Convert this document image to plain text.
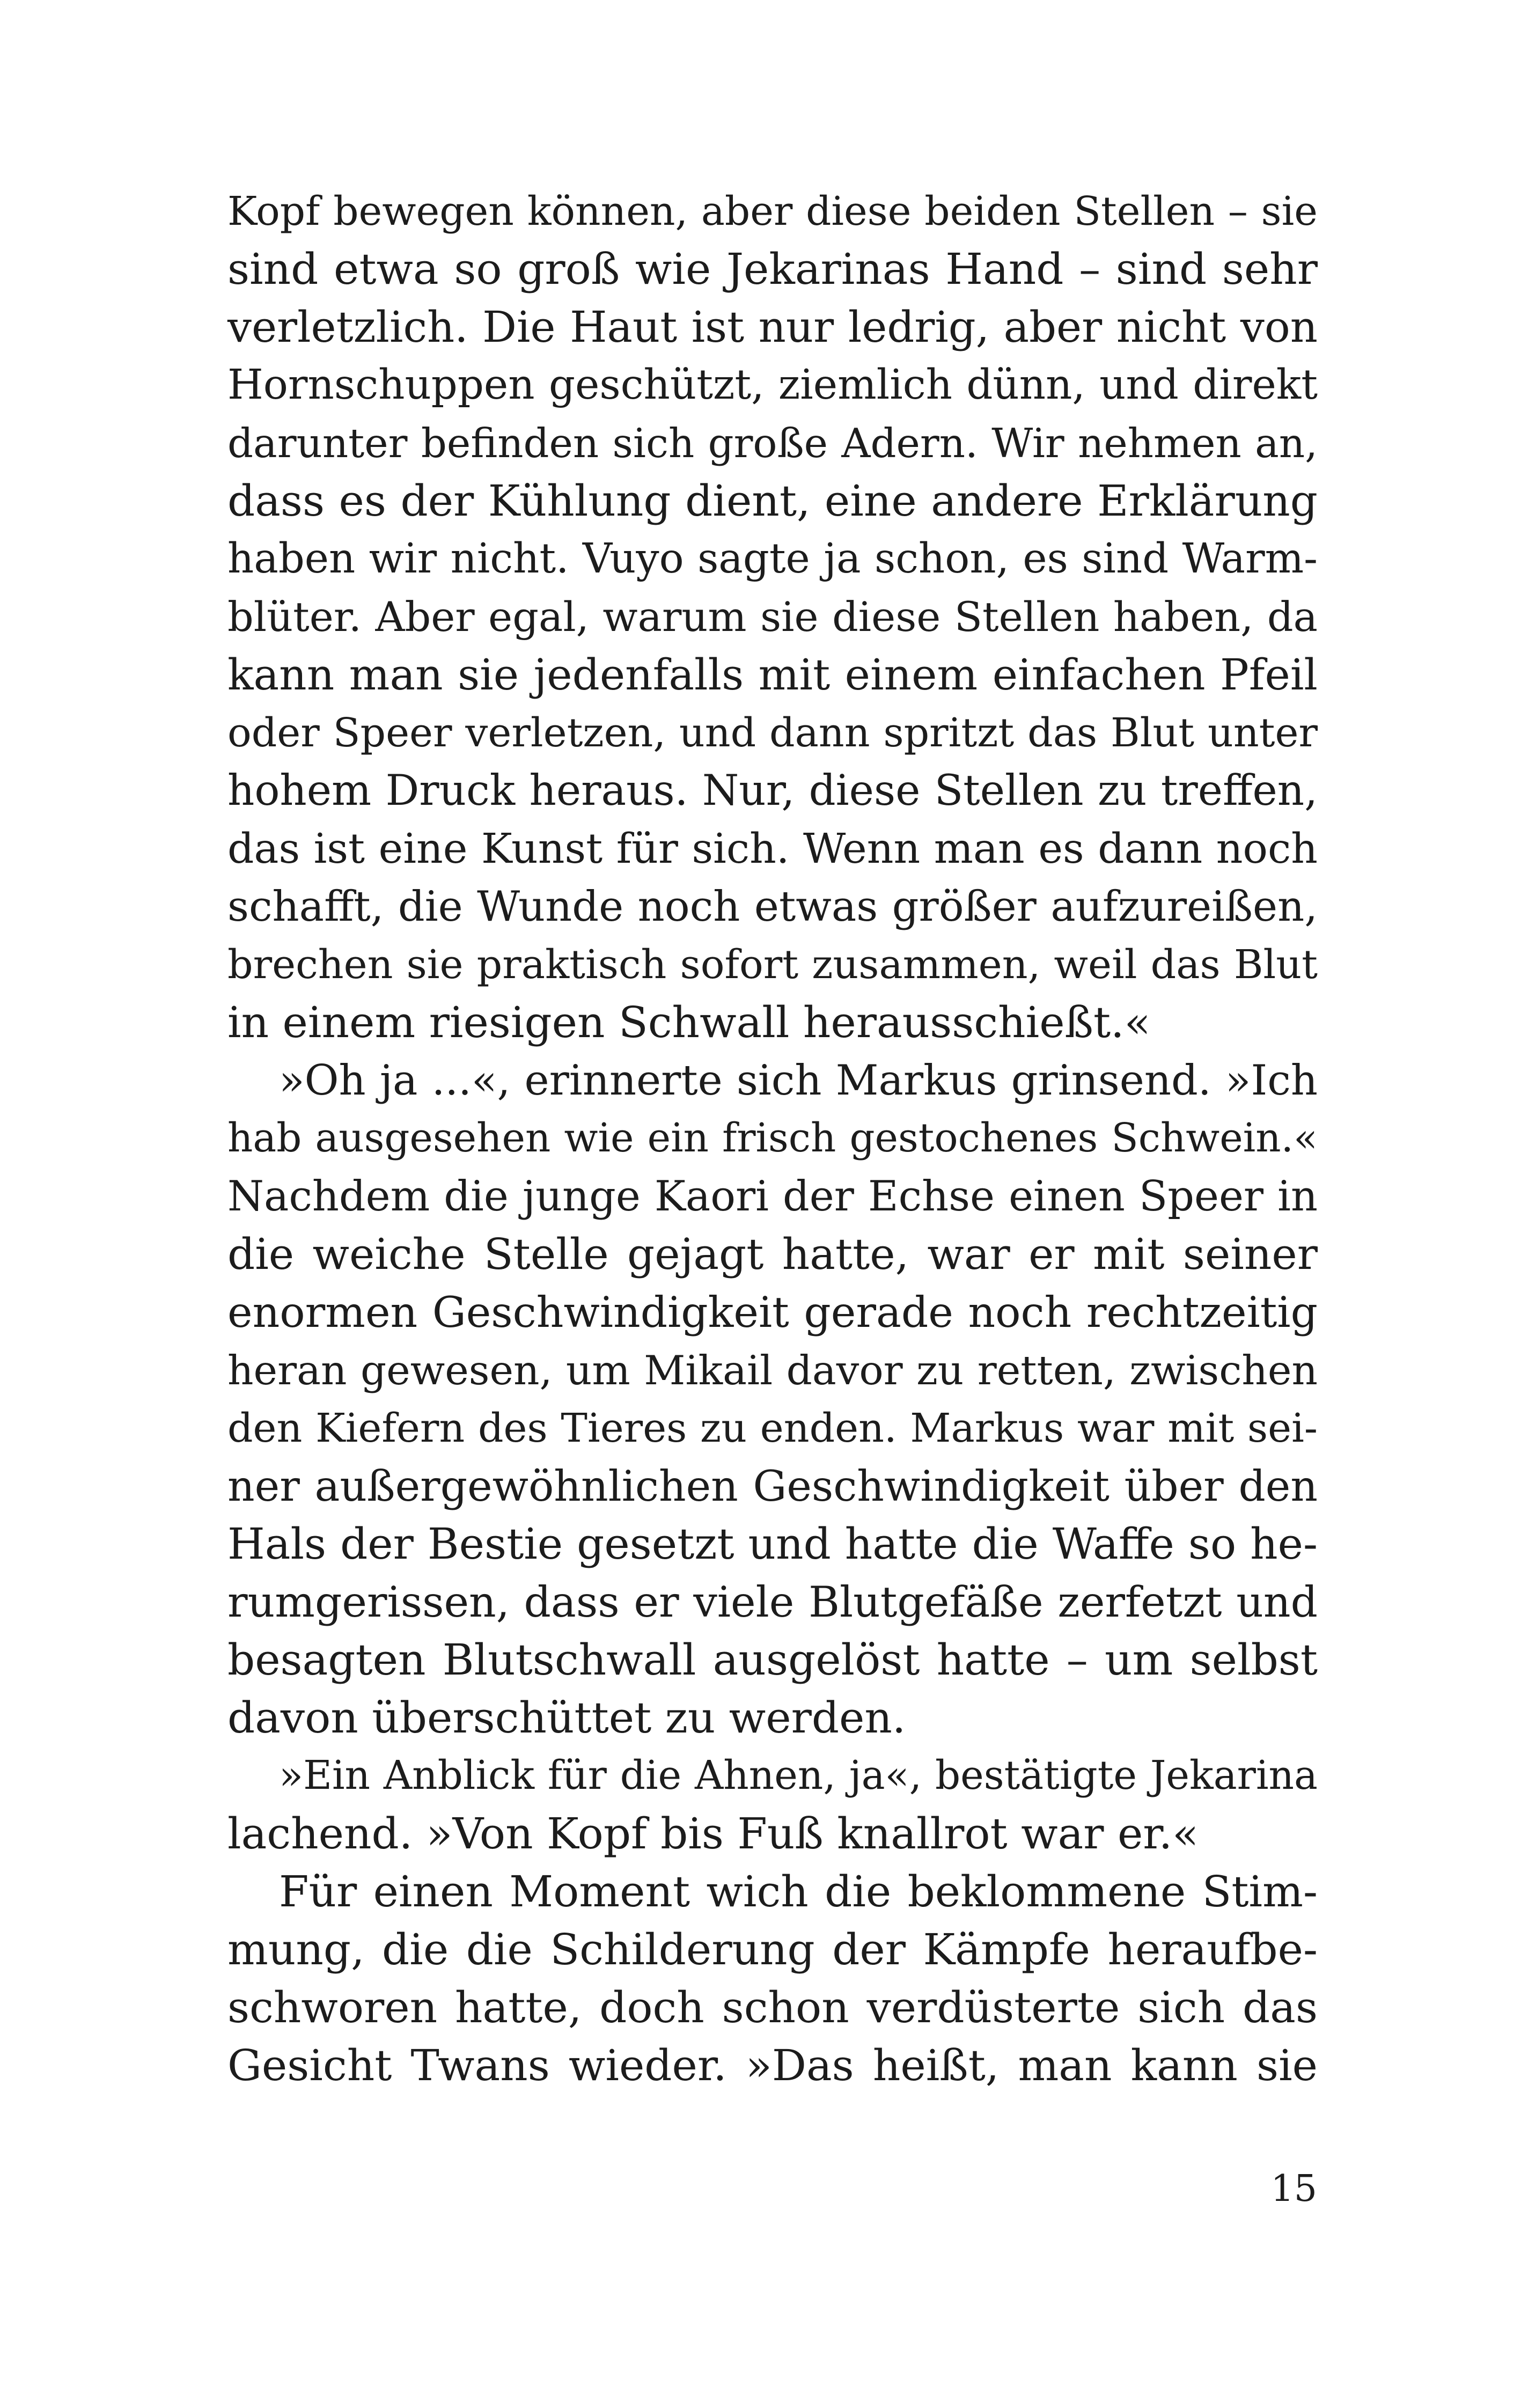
Kopf bewegen können, aber diese beiden Stellen – sie
sind etwa so groß wie Jekarinas Hand – sind sehr
verletzlich. Die Haut ist nur ledrig, aber nicht von
Hornschuppen geschützt, ziemlich dünn, und direkt
darunter befinden sich große Adern. Wir nehmen an,
dass es der Kühlung dient, eine andere Erklärung
haben wir nicht. Vuyo sagte ja schon, es sind Warm-
blüter. Aber egal, warum sie diese Stellen haben, da
kann man sie jedenfalls mit einem einfachen Pfeil
oder Speer verletzen, und dann spritzt das Blut unter
hohem Druck heraus. Nur, diese Stellen zu treffen,
das ist eine Kunst für sich. Wenn man es dann noch
schafft, die Wunde noch etwas größer aufzureißen,
brechen sie praktisch sofort zusammen, weil das Blut
in einem riesigen Schwall herausschießt.«
»Oh ja ...«, erinnerte sich Markus grinsend. »Ich
hab ausgesehen wie ein frisch gestochenes Schwein.«
Nachdem die junge Kaori der Echse einen Speer in
die weiche Stelle gejagt hatte, war er mit seiner
enormen Geschwindigkeit gerade noch rechtzeitig
heran gewesen, um Mikail davor zu retten, zwischen
den Kiefern des Tieres zu enden. Markus war mit sei-
ner außergewöhnlichen Geschwindigkeit über den
Hals der Bestie gesetzt und hatte die Waffe so he-
rumgerissen, dass er viele Blutgefäße zerfetzt und
besagten Blutschwall ausgelöst hatte – um selbst
davon überschüttet zu werden.
»Ein Anblick für die Ahnen, ja«, bestätigte Jekarina
lachend. »Von Kopf bis Fuß knallrot war er.«
Für einen Moment wich die beklommene Stim-
mung, die die Schilderung der Kämpfe heraufbe-
schworen hatte, doch schon verdüsterte sich das
Gesicht Twans wieder. »Das heißt, man kann sie
15
